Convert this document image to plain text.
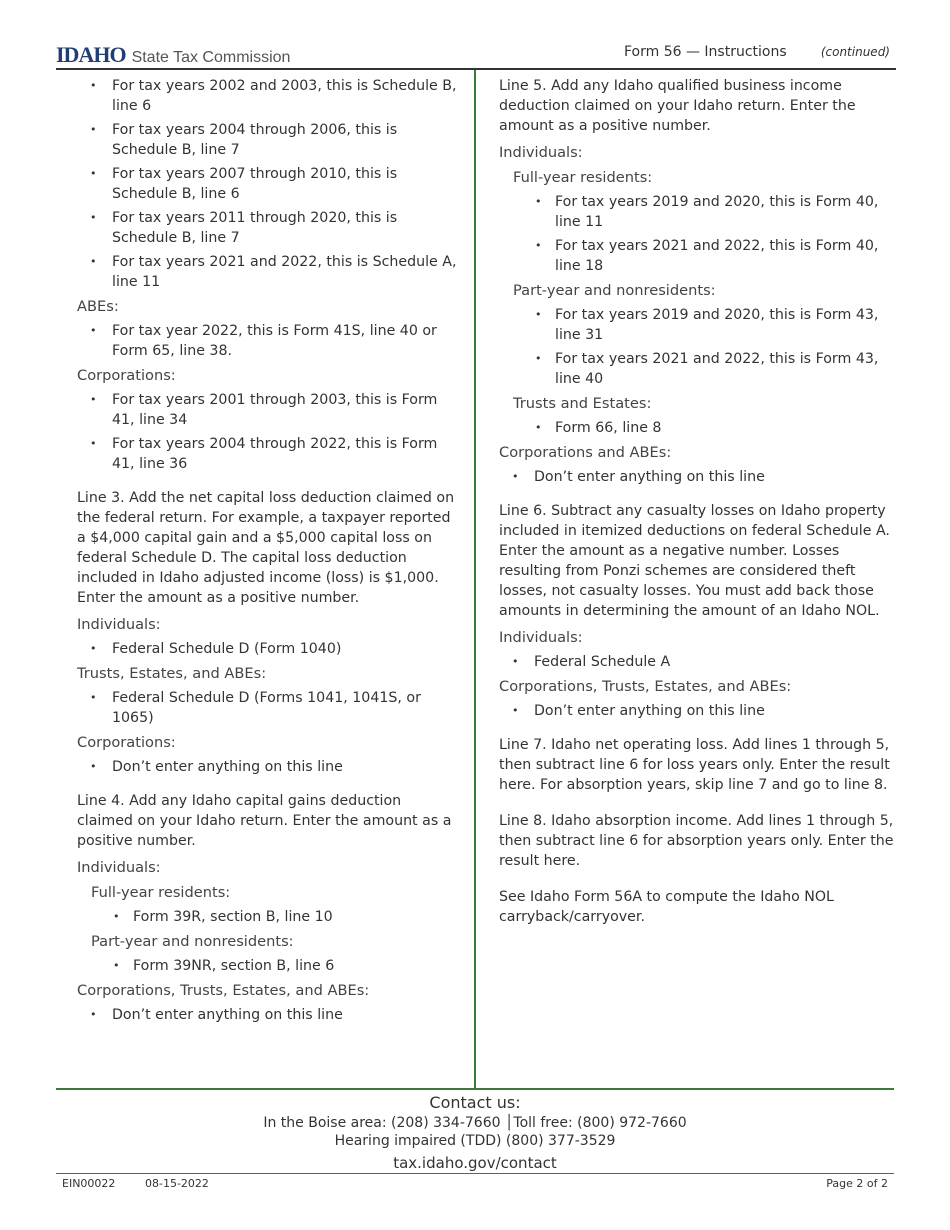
IDAHO State Tax Commission	Form 56 — Instructions	(continued)
• For tax years 2002 and 2003, this is Schedule B, line 6
• For tax years 2004 through 2006, this is Schedule B, line 7
• For tax years 2007 through 2010, this is Schedule B, line 6
• For tax years 2011 through 2020, this is Schedule B, line 7
• For tax years 2021 and 2022, this is Schedule A, line 11
ABEs:
• For tax year 2022, this is Form 41S, line 40 or Form 65, line 38.
Corporations:
• For tax years 2001 through 2003, this is Form 41, line 34
• For tax years 2004 through 2022, this is Form 41, line 36

Line 3. Add the net capital loss deduction claimed on the federal return. For example, a taxpayer reported a $4,000 capital gain and a $5,000 capital loss on federal Schedule D. The capital loss deduction included in Idaho adjusted income (loss) is $1,000. Enter the amount as a positive number.

Individuals:
• Federal Schedule D (Form 1040)
Trusts, Estates, and ABEs:
• Federal Schedule D (Forms 1041, 1041S, or 1065)
Corporations:
• Don’t enter anything on this line

Line 4. Add any Idaho capital gains deduction claimed on your Idaho return. Enter the amount as a positive number.

Individuals:
Full-year residents:
• Form 39R, section B, line 10
Part-year and nonresidents:
• Form 39NR, section B, line 6
Corporations, Trusts, Estates, and ABEs:
• Don’t enter anything on this line

Line 5. Add any Idaho qualified business income deduction claimed on your Idaho return. Enter the amount as a positive number.

Individuals:
Full-year residents:
• For tax years 2019 and 2020, this is Form 40, line 11
• For tax years 2021 and 2022, this is Form 40, line 18
Part-year and nonresidents:
• For tax years 2019 and 2020, this is Form 43, line 31
• For tax years 2021 and 2022, this is Form 43, line 40
Trusts and Estates:
• Form 66, line 8
Corporations and ABEs:
• Don’t enter anything on this line

Line 6. Subtract any casualty losses on Idaho property included in itemized deductions on federal Schedule A. Enter the amount as a negative number. Losses resulting from Ponzi schemes are considered theft losses, not casualty losses. You must add back those amounts in determining the amount of an Idaho NOL.

Individuals:
• Federal Schedule A
Corporations, Trusts, Estates, and ABEs:
• Don’t enter anything on this line

Line 7. Idaho net operating loss. Add lines 1 through 5, then subtract line 6 for loss years only. Enter the result here. For absorption years, skip line 7 and go to line 8.

Line 8. Idaho absorption income. Add lines 1 through 5, then subtract line 6 for absorption years only. Enter the result here.

See Idaho Form 56A to compute the Idaho NOL carryback/carryover.

Contact us:
In the Boise area: (208) 334-7660 │Toll free: (800) 972-7660
Hearing impaired (TDD) (800) 377-3529
tax.idaho.gov/contact
EIN00022	08-15-2022	Page 2 of 2
